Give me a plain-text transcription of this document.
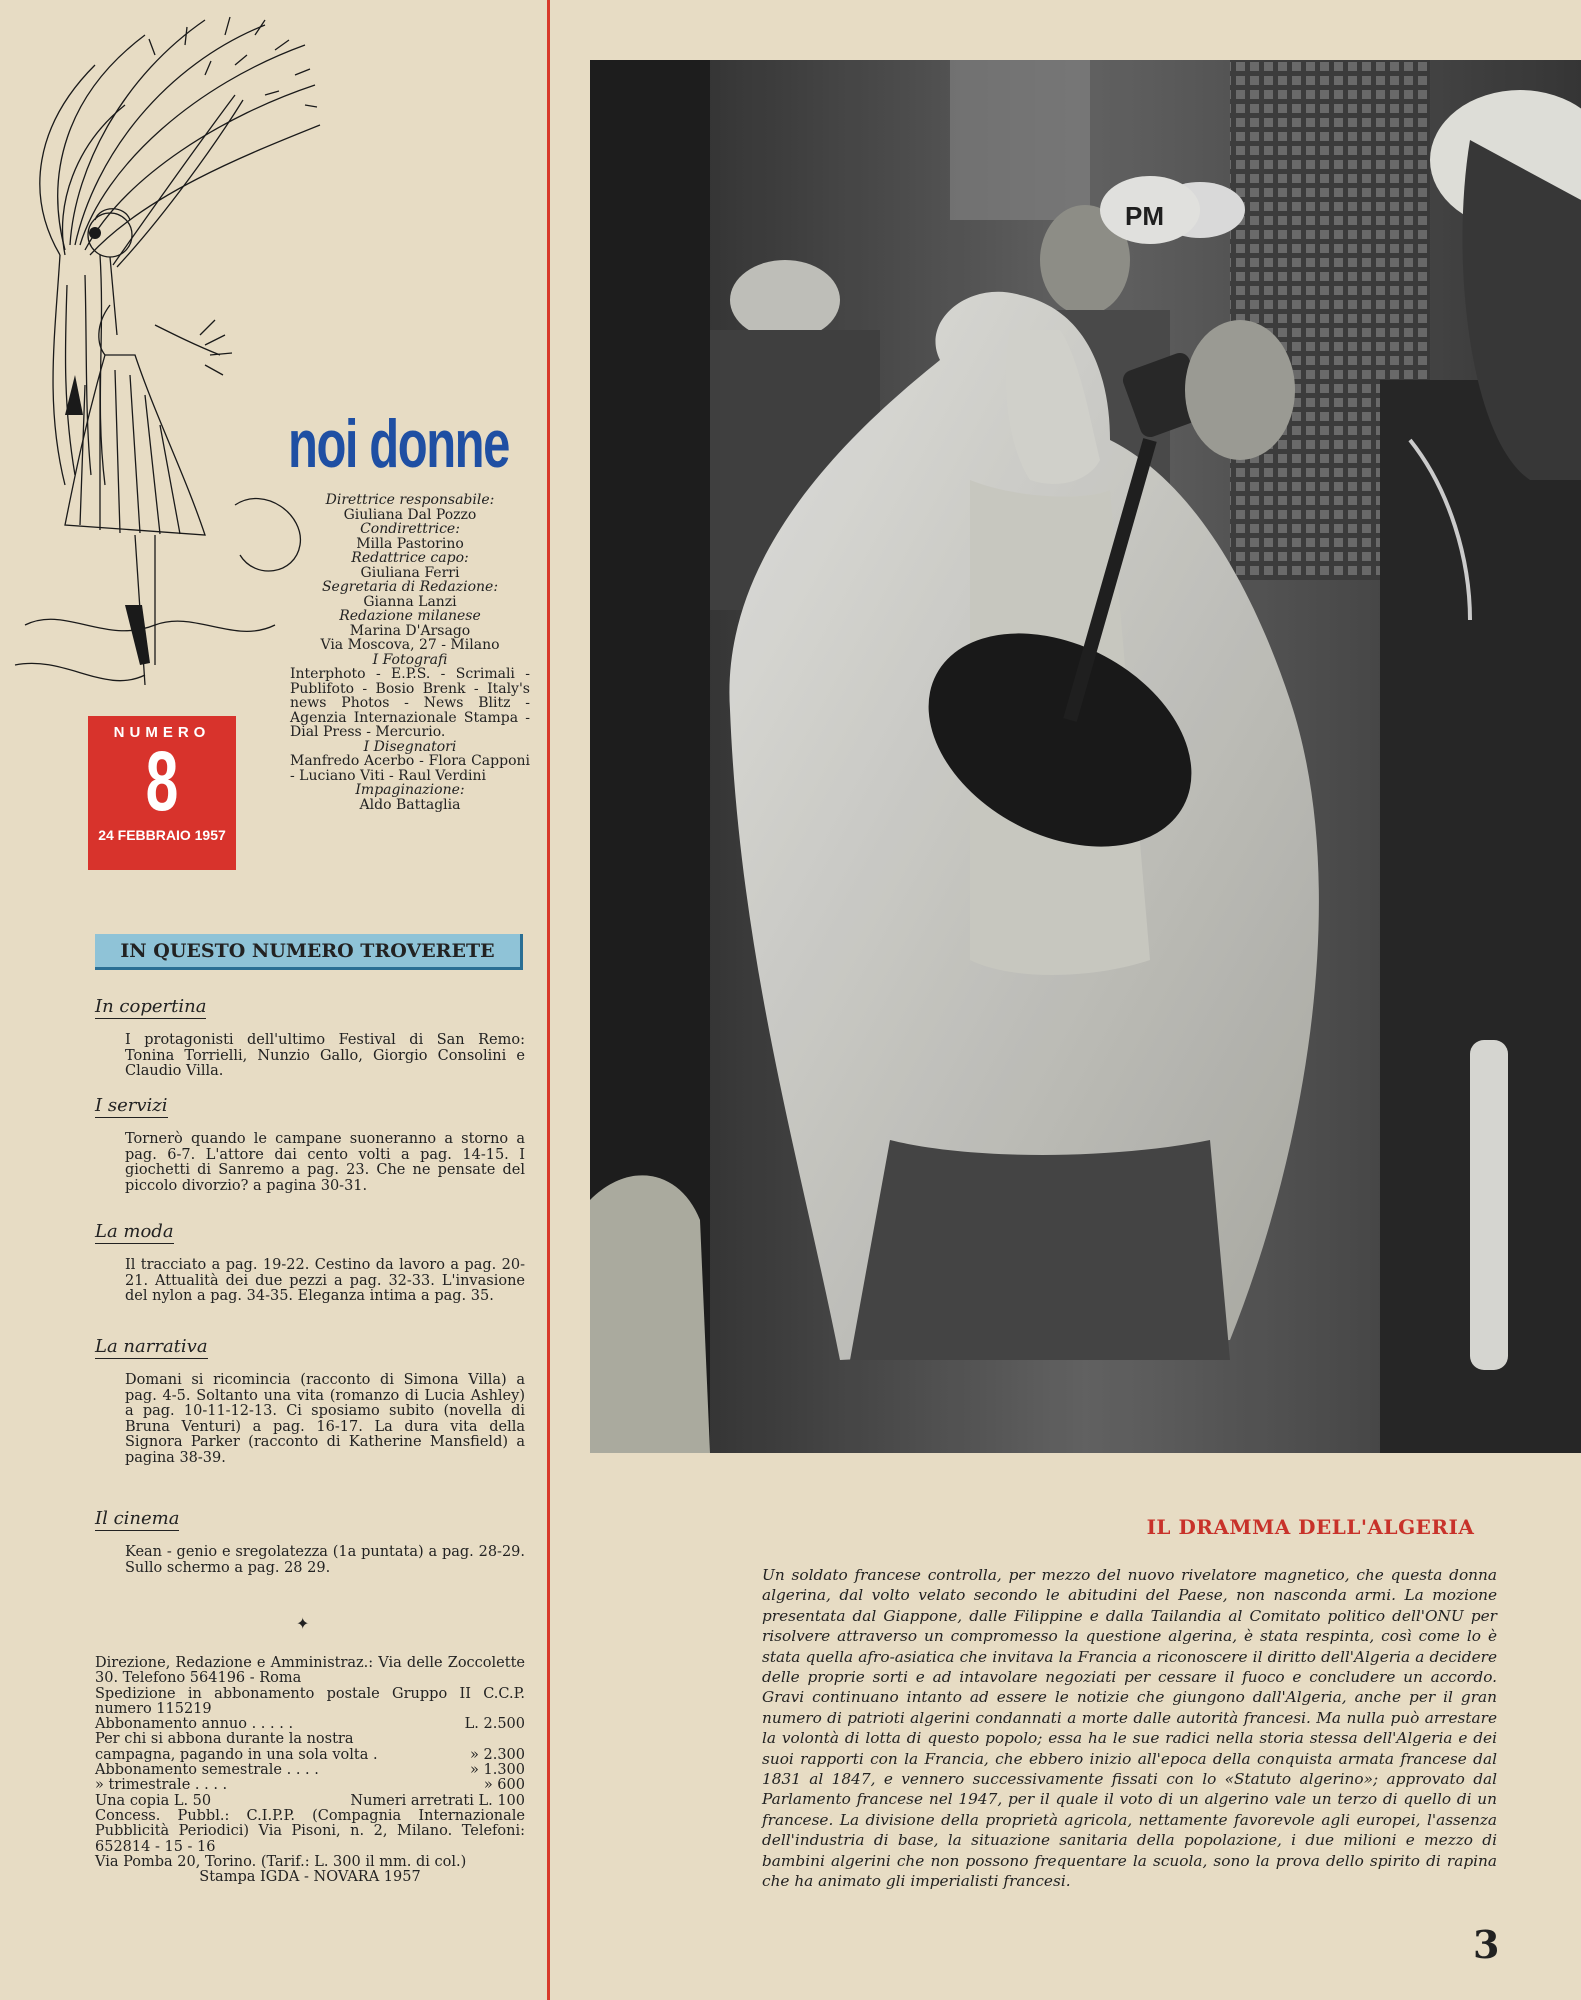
noi donne
Direttrice responsabile:
Giuliana Dal Pozzo
Condirettrice:
Milla Pastorino
Redattrice capo:
Giuliana Ferri
Segretaria di Redazione:
Gianna Lanzi
Redazione milanese
Marina D'Arsago
Via Moscova, 27 - Milano
I Fotografi
Interphoto - E.P.S. - Scrimali - Publifoto - Bosio Brenk - Italy's news Photos - News Blitz - Agenzia Internazionale Stampa - Dial Press - Mercurio.
I Disegnatori
Manfredo Acerbo - Flora Capponi - Luciano Viti - Raul Verdini
Impaginazione:
Aldo Battaglia
NUMERO
8
24 FEBBRAIO 1957
IN QUESTO NUMERO TROVERETE
In copertina

I protagonisti dell'ultimo Festival di San Remo: Tonina Torrielli, Nunzio Gallo, Giorgio Consolini e Claudio Villa.

I servizi

Tornerò quando le campane suoneranno a storno a pag. 6-7. L'attore dai cento volti a pag. 14-15. I giochetti di Sanremo a pag. 23. Che ne pensate del piccolo divorzio? a pagina 30-31.

La moda

Il tracciato a pag. 19-22. Cestino da lavoro a pag. 20-21. Attualità dei due pezzi a pag. 32-33. L'invasione del nylon a pag. 34-35. Eleganza intima a pag. 35.

La narrativa

Domani si ricomincia (racconto di Simona Villa) a pag. 4-5. Soltanto una vita (romanzo di Lucia Ashley) a pag. 10-11-12-13. Ci sposiamo subito (novella di Bruna Venturi) a pag. 16-17. La dura vita della Signora Parker (racconto di Katherine Mansfield) a pagina 38-39.

Il cinema

Kean - genio e sregolatezza (1a puntata) a pag. 28-29. Sullo schermo a pag. 28 29.

✦
Direzione, Redazione e Amministraz.: Via delle Zoccolette 30. Telefono 564196 - Roma
Spedizione in abbonamento postale Gruppo II C.C.P. numero 115219
Abbonamento annuo . . . . .	L. 2.500
Per chi si abbona durante la nostra
campagna, pagando in una sola volta .	» 2.300
Abbonamento semestrale . . . .	» 1.300
» trimestrale . . . .	» 600
Una copia L. 50	Numeri arretrati L. 100
Concess. Pubbl.: C.I.P.P. (Compagnia Internazionale Pubblicità Periodici) Via Pisoni, n. 2, Milano. Telefoni: 652814 - 15 - 16
Via Pomba 20, Torino. (Tarif.: L. 300 il mm. di col.)
Stampa IGDA - NOVARA 1957
PM
IL DRAMMA DELL'ALGERIA
Un soldato francese controlla, per mezzo del nuovo rivelatore magnetico, che questa donna algerina, dal volto velato secondo le abitudini del Paese, non nasconda armi. La mozione presentata dal Giappone, dalle Filippine e dalla Tailandia al Comitato politico dell'ONU per risolvere attraverso un compromesso la questione algerina, è stata respinta, così come lo è stata quella afro-asiatica che invitava la Francia a riconoscere il diritto dell'Algeria a decidere delle proprie sorti e ad intavolare negoziati per cessare il fuoco e concludere un accordo. Gravi continuano intanto ad essere le notizie che giungono dall'Algeria, anche per il gran numero di patrioti algerini condannati a morte dalle autorità francesi. Ma nulla può arrestare la volontà di lotta di questo popolo; essa ha le sue radici nella storia stessa dell'Algeria e dei suoi rapporti con la Francia, che ebbero inizio all'epoca della conquista armata francese dal 1831 al 1847, e vennero successivamente fissati con lo «Statuto algerino»; approvato dal Parlamento francese nel 1947, per il quale il voto di un algerino vale un terzo di quello di un francese. La divisione della proprietà agricola, nettamente favorevole agli europei, l'assenza dell'industria di base, la situazione sanitaria della popolazione, i due milioni e mezzo di bambini algerini che non possono frequentare la scuola, sono la prova dello spirito di rapina che ha animato gli imperialisti francesi.
3
